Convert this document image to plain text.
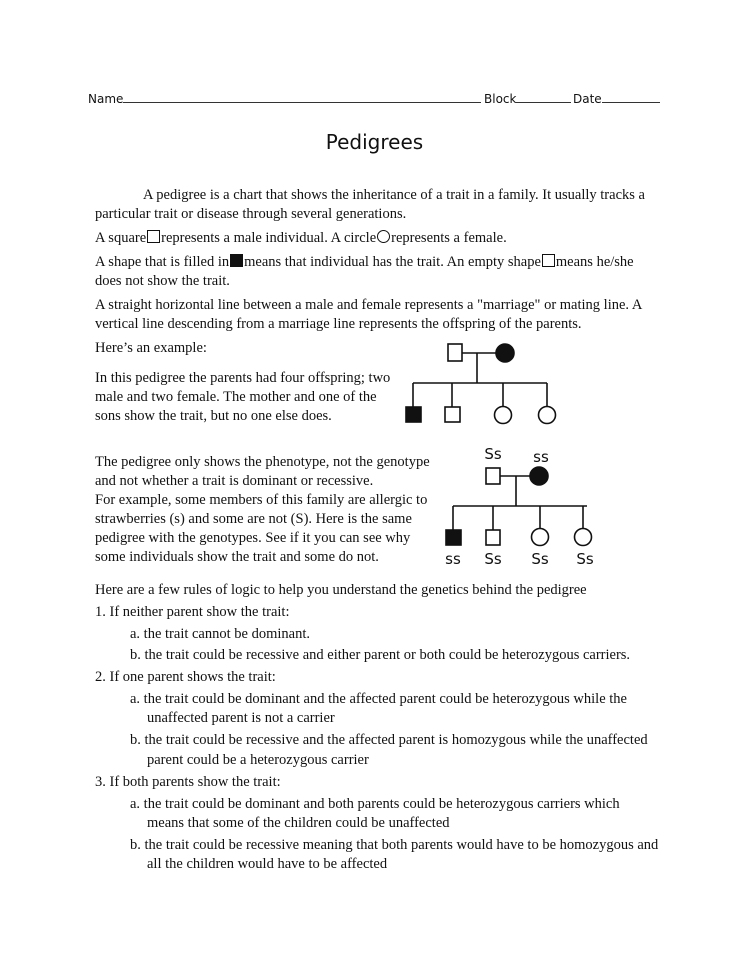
Name	Block	Date
Pedigrees
A pedigree is a chart that shows the inheritance of a trait in a family. It usually tracks a
particular trait or disease through several generations.
A square represents a male individual. A circle represents a female.
A shape that is filled in means that individual has the trait. An empty shape means he/she
does not show the trait.
A straight horizontal line between a male and female represents a "marriage" or mating line. A
vertical line descending from a marriage line represents the offspring of the parents.
Here’s an example:
In this pedigree the parents had four offspring; two
male and two female. The mother and one of the
sons show the trait, but no one else does.
The pedigree only shows the phenotype, not the genotype
and not whether a trait is dominant or recessive.
For example, some members of this family are allergic to
strawberries (s) and some are not (S). Here is the same
pedigree with the genotypes. See if it you can see why
some individuals show the trait and some do not.
Ss ss
ss Ss Ss Ss
Here are a few rules of logic to help you understand the genetics behind the pedigree
1. If neither parent show the trait:
a. the trait cannot be dominant.
b. the trait could be recessive and either parent or both could be heterozygous carriers.
2. If one parent shows the trait:
a. the trait could be dominant and the affected parent could be heterozygous while the
unaffected parent is not a carrier
b. the trait could be recessive and the affected parent is homozygous while the unaffected
parent could be a heterozygous carrier
3. If both parents show the trait:
a. the trait could be dominant and both parents could be heterozygous carriers which
means that some of the children could be unaffected
b. the trait could be recessive meaning that both parents would have to be homozygous and
all the children would have to be affected
